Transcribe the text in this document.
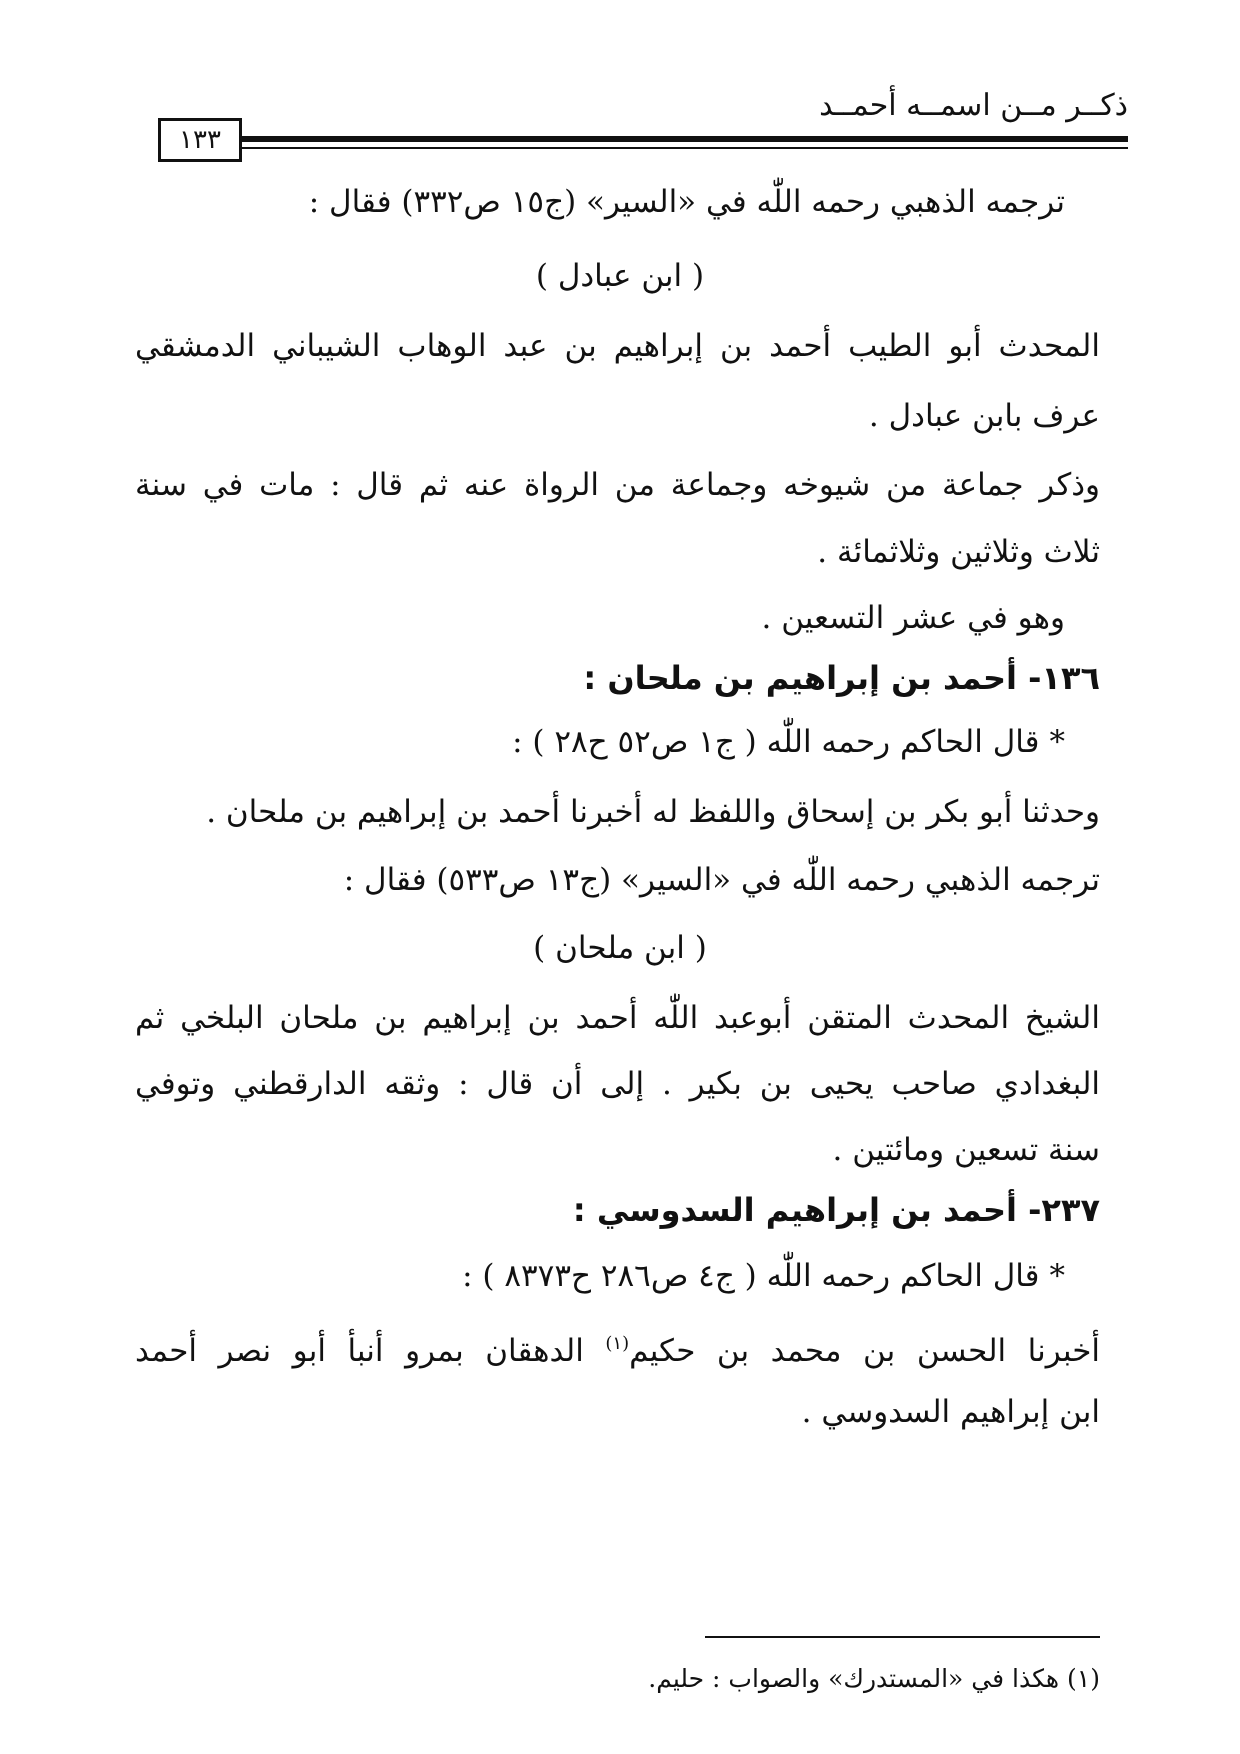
ذكــر مــن اسمــه أحمــد
١٣٣
ترجمه الذهبي رحمه اللّٰه في «السير» (ج١٥ ص٣٣٢) فقال :
( ابن عبادل )
المحدث أبو الطيب أحمد بن إبراهيم بن عبد الوهاب الشيباني الدمشقي
عرف بابن عبادل .
وذكر جماعة من شيوخه وجماعة من الرواة عنه ثم قال : مات في سنة
ثلاث وثلاثين وثلاثمائة .
وهو في عشر التسعين .
١٣٦- أحمد بن إبراهيم بن ملحان :
*قال الحاكم رحمه اللّٰه ( ج١ ص٥٢ ح٢٨ ) :
وحدثنا أبو بكر بن إسحاق واللفظ له أخبرنا أحمد بن إبراهيم بن ملحان .
ترجمه الذهبي رحمه اللّٰه في «السير» (ج١٣ ص٥٣٣) فقال :
( ابن ملحان )
الشيخ المحدث المتقن أبوعبد اللّٰه أحمد بن إبراهيم بن ملحان البلخي ثم
البغدادي صاحب يحيى بن بكير . إلى أن قال : وثقه الدارقطني وتوفي
سنة تسعين ومائتين .
٢٣٧- أحمد بن إبراهيم السدوسي :
*قال الحاكم رحمه اللّٰه ( ج٤ ص٢٨٦ ح٨٣٧٣ ) :
أخبرنا الحسن بن محمد بن حكيم$^{(١)}$ الدهقان بمرو أنبأ أبو نصر أحمد
ابن إبراهيم السدوسي .
(١) هكذا في «المستدرك» والصواب : حليم.
